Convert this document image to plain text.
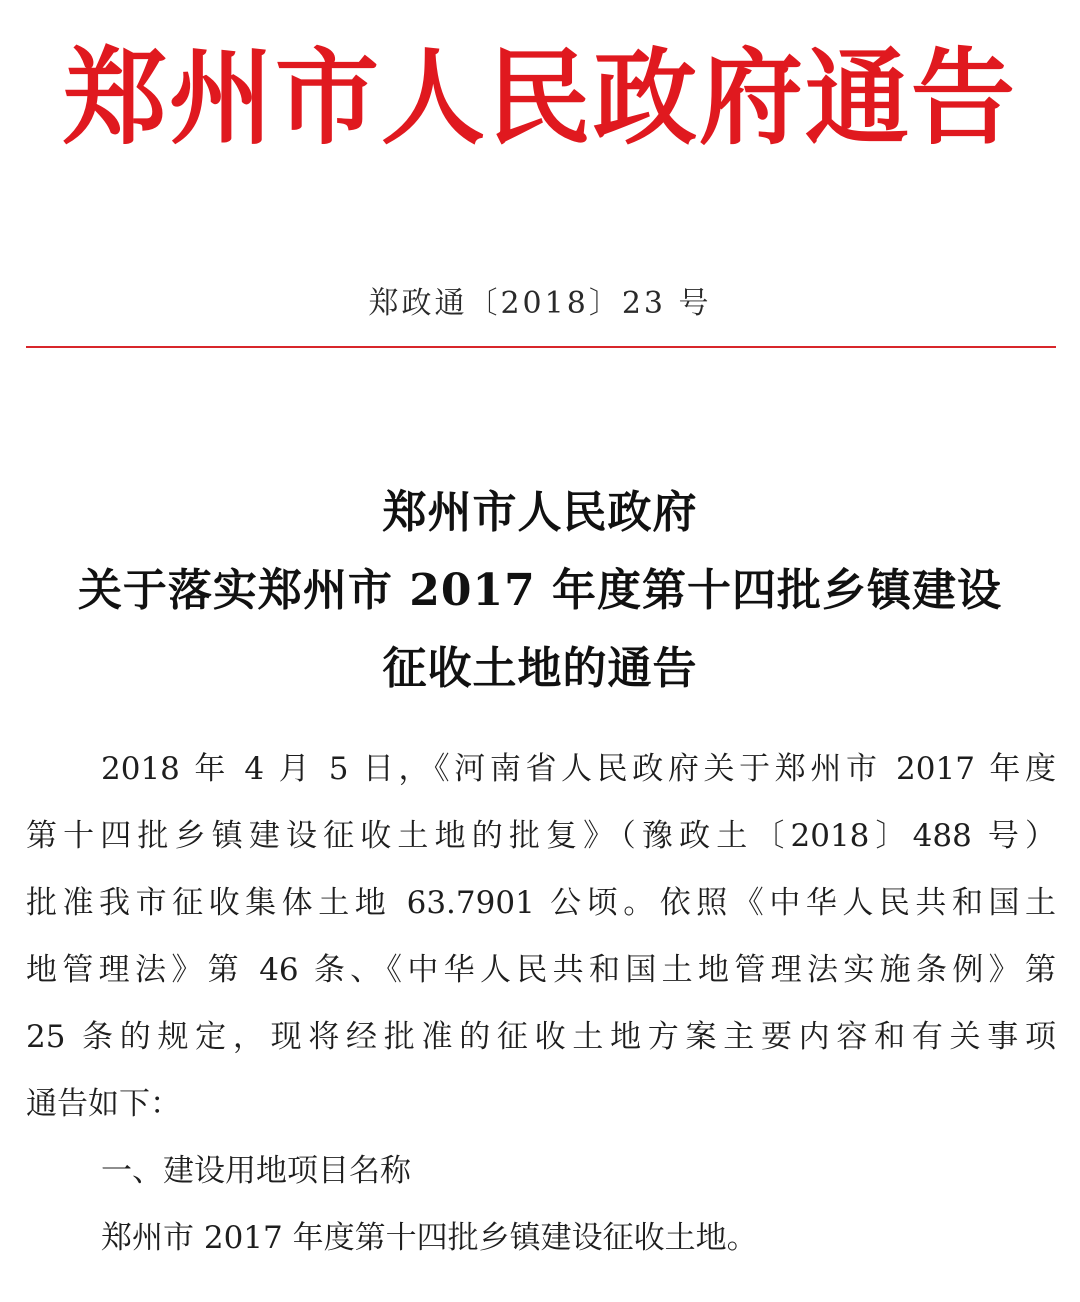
郑州市人民政府通告
郑政通〔2018〕23 号
郑州市人民政府
关于落实郑州市 2017 年度第十四批乡镇建设
征收土地的通告
2018 年 4 月 5 日，《河南省人民政府关于郑州市 2017 年度
第十四批乡镇建设征收土地的批复》（豫政土〔2018〕488 号）
批准我市征收集体土地 63.7901 公顷。依照《中华人民共和国土
地管理法》第 46 条、《中华人民共和国土地管理法实施条例》第
25 条的规定，现将经批准的征收土地方案主要内容和有关事项
通告如下：
一、建设用地项目名称
郑州市 2017 年度第十四批乡镇建设征收土地。
